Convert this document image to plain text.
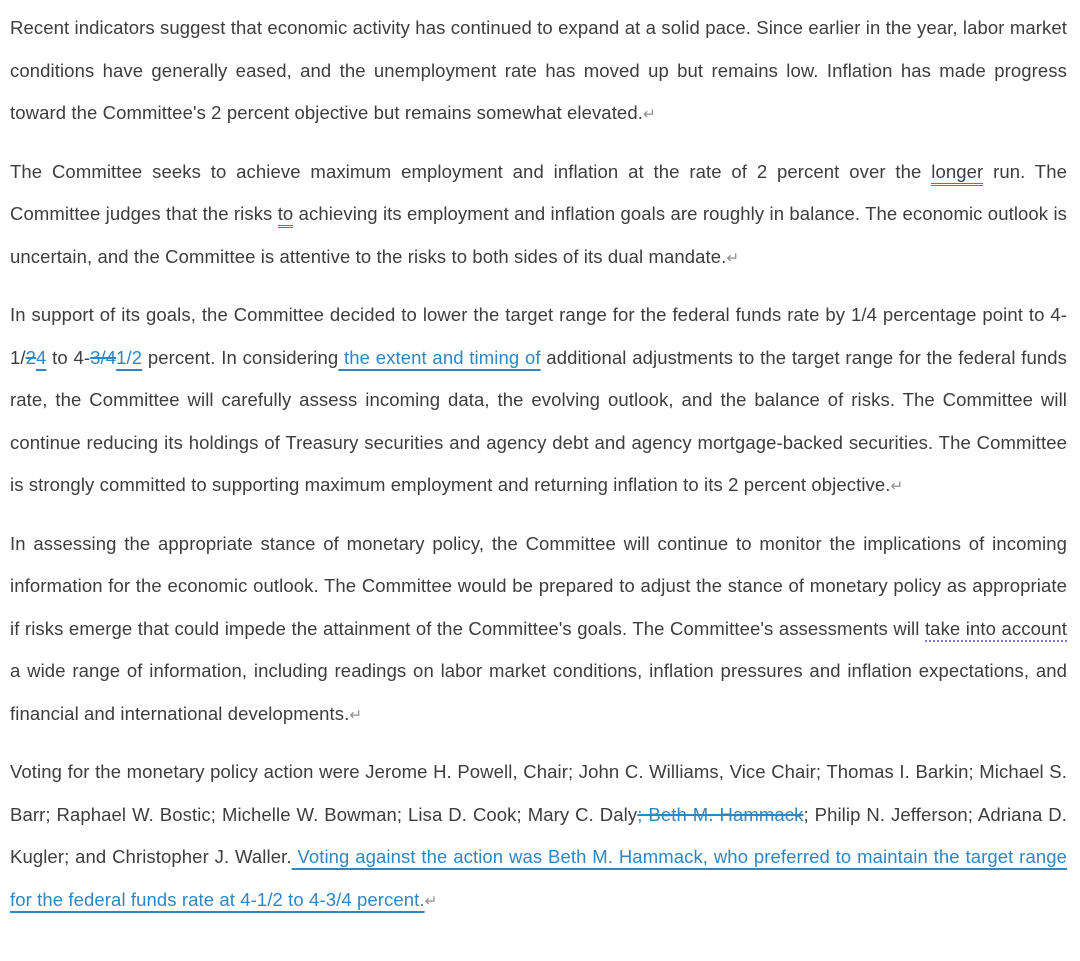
Recent indicators suggest that economic activity has continued to expand at a solid pace. Since earlier in the year, labor market conditions have generally eased, and the unemployment rate has moved up but remains low. Inflation has made progress toward the Committee's 2 percent objective but remains somewhat elevated.↵

The Committee seeks to achieve maximum employment and inflation at the rate of 2 percent over the longer run. The Committee judges that the risks to achieving its employment and inflation goals are roughly in balance. The economic outlook is uncertain, and the Committee is attentive to the risks to both sides of its dual mandate.↵

In support of its goals, the Committee decided to lower the target range for the federal funds rate by 1/4 percentage point to 4-1/24 to 4-3/41/2 percent. In considering the extent and timing of additional adjustments to the target range for the federal funds rate, the Committee will carefully assess incoming data, the evolving outlook, and the balance of risks. The Committee will continue reducing its holdings of Treasury securities and agency debt and agency mortgage-backed securities. The Committee is strongly committed to supporting maximum employment and returning inflation to its 2 percent objective.↵

In assessing the appropriate stance of monetary policy, the Committee will continue to monitor the implications of incoming information for the economic outlook. The Committee would be prepared to adjust the stance of monetary policy as appropriate if risks emerge that could impede the attainment of the Committee's goals. The Committee's assessments will take into account a wide range of information, including readings on labor market conditions, inflation pressures and inflation expectations, and financial and international developments.↵

Voting for the monetary policy action were Jerome H. Powell, Chair; John C. Williams, Vice Chair; Thomas I. Barkin; Michael S. Barr; Raphael W. Bostic; Michelle W. Bowman; Lisa D. Cook; Mary C. Daly; Beth M. Hammack; Philip N. Jefferson; Adriana D. Kugler; and Christopher J. Waller. Voting against the action was Beth M. Hammack, who preferred to maintain the target range for the federal funds rate at 4-1/2 to 4-3/4 percent.↵
